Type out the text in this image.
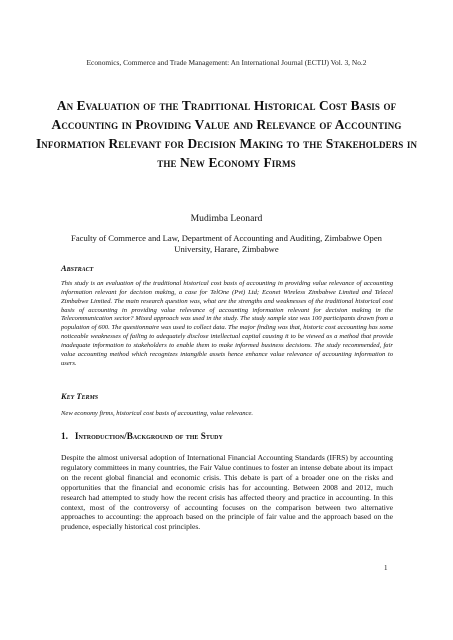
Economics, Commerce and Trade Management: An International Journal (ECTIJ) Vol. 3, No.2
An Evaluation of the Traditional Historical Cost Basis of Accounting in Providing Value and Relevance of Accounting Information Relevant for Decision Making to the Stakeholders in the New Economy Firms
Mudimba Leonard
Faculty of Commerce and Law, Department of Accounting and Auditing, Zimbabwe Open University, Harare, Zimbabwe
Abstract
This study is an evaluation of the traditional historical cost basis of accounting in providing value relevance of accounting information relevant for decision making, a case for TelOne (Pvt) Ltd; Econet Wireless Zimbabwe Limited and Telecel Zimbabwe Limited. The main research question was, what are the strengths and weaknesses of the traditional historical cost basis of accounting in providing value relevance of accounting information relevant for decision making in the Telecommunication sector? Mixed approach was used in the study. The study sample size was 100 participants drawn from a population of 600. The questionnaire was used to collect data. The major finding was that, historic cost accounting has some noticeable weaknesses of failing to adequately disclose intellectual capital causing it to be viewed as a method that provide inadequate information to stakeholders to enable them to make informed business decisions. The study recommended, fair value accounting method which recognizes intangible assets hence enhance value relevance of accounting information to users.
Key Terms
New economy firms, historical cost basis of accounting, value relevance.
1. Introduction/Background of the Study
Despite the almost universal adoption of International Financial Accounting Standards (IFRS) by accounting regulatory committees in many countries, the Fair Value continues to foster an intense debate about its impact on the recent global financial and economic crisis. This debate is part of a broader one on the risks and opportunities that the financial and economic crisis has for accounting. Between 2008 and 2012, much research had attempted to study how the recent crisis has affected theory and practice in accounting. In this context, most of the controversy of accounting focuses on the comparison between two alternative approaches to accounting: the approach based on the principle of fair value and the approach based on the prudence, especially historical cost principles.
1
